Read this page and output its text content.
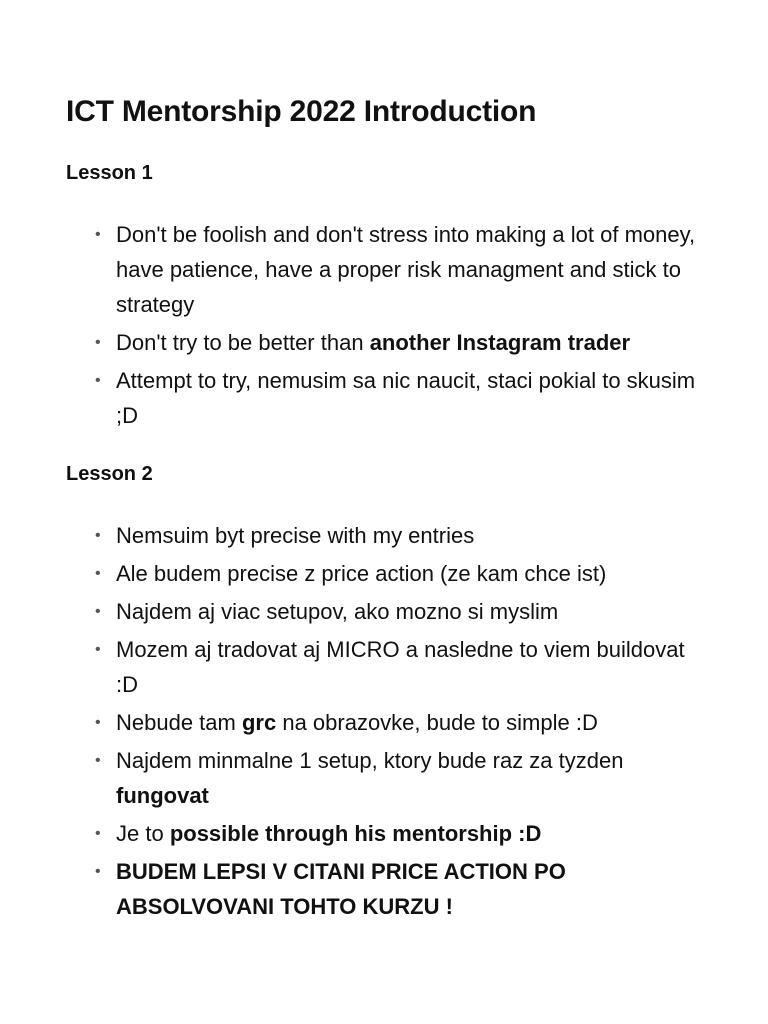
ICT Mentorship 2022 Introduction
Lesson 1
• Don't be foolish and don't stress into making a lot of money, have patience, have a proper risk managment and stick to strategy
• Don't try to be better than another Instagram trader
• Attempt to try, nemusim sa nic naucit, staci pokial to skusim ;D
Lesson 2
• Nemsuim byt precise with my entries
• Ale budem precise z price action (ze kam chce ist)
• Najdem aj viac setupov, ako mozno si myslim
• Mozem aj tradovat aj MICRO a nasledne to viem buildovat :D
• Nebude tam grc na obrazovke, bude to simple :D
• Najdem minmalne 1 setup, ktory bude raz za tyzden fungovat
• Je to possible through his mentorship :D
• BUDEM LEPSI V CITANI PRICE ACTION PO ABSOLVOVANI TOHTO KURZU !
